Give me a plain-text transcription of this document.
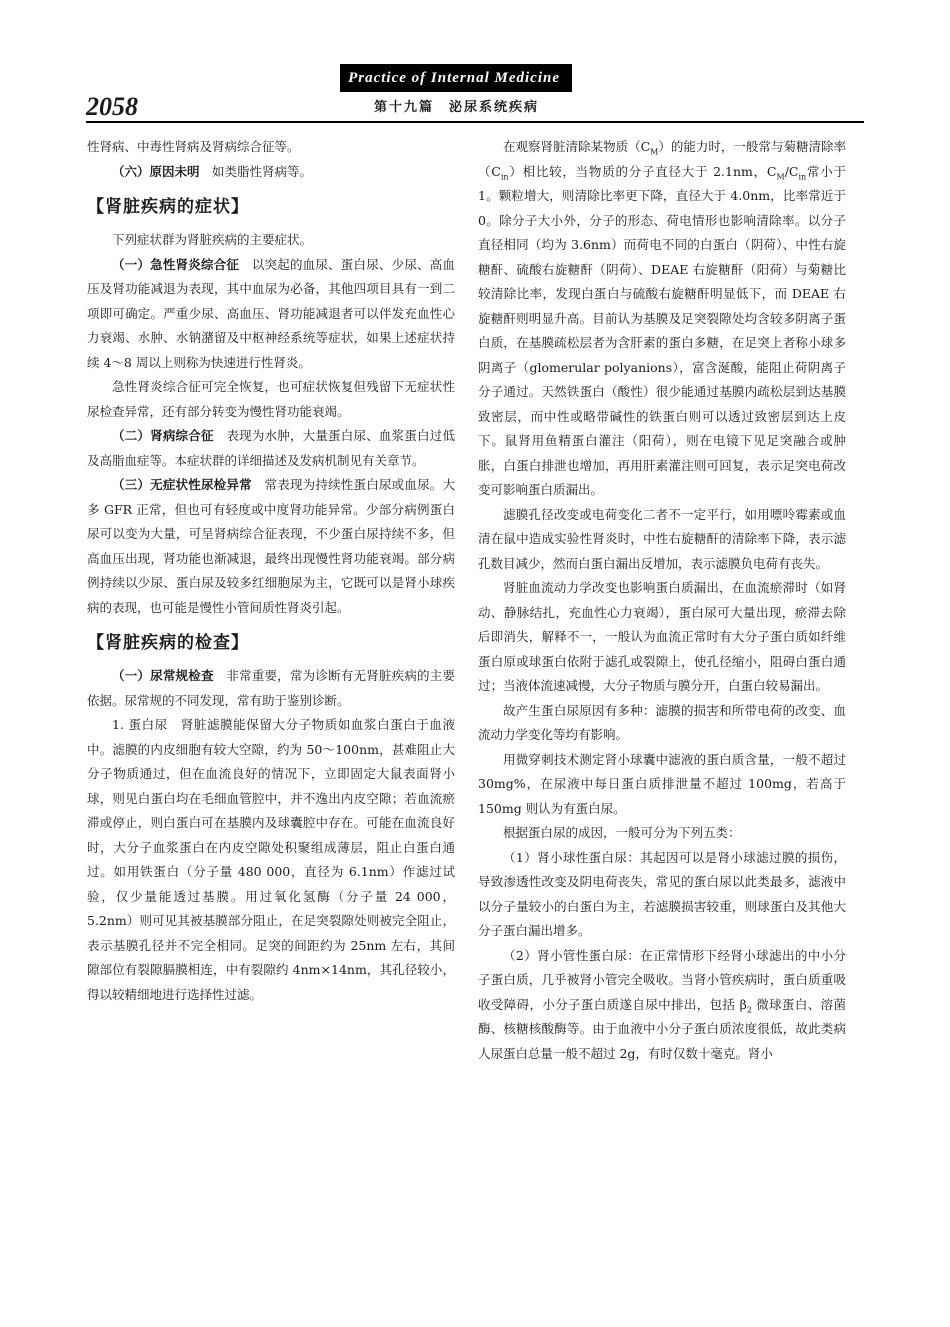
Practice of Internal Medicine
2058	第十九篇　泌尿系统疾病

性肾病、中毒性肾病及肾病综合征等。

（六）原因未明　如类脂性肾病等。

【肾脏疾病的症状】

下列症状群为肾脏疾病的主要症状。

（一）急性肾炎综合征　以突起的血尿、蛋白尿、少尿、高血压及肾功能减退为表现，其中血尿为必备，其他四项目具有一到二项即可确定。严重少尿、高血压、肾功能减退者可以伴发充血性心力衰竭、水肿、水钠潴留及中枢神经系统等症状，如果上述症状持续 4～8 周以上则称为快速进行性肾炎。

急性肾炎综合征可完全恢复，也可症状恢复但残留下无症状性尿检查异常，还有部分转变为慢性肾功能衰竭。

（二）肾病综合征　表现为水肿，大量蛋白尿、血浆蛋白过低及高脂血症等。本症状群的详细描述及发病机制见有关章节。

（三）无症状性尿检异常　常表现为持续性蛋白尿或血尿。大多 GFR 正常，但也可有轻度或中度肾功能异常。少部分病例蛋白尿可以变为大量，可呈肾病综合征表现，不少蛋白尿持续不多，但高血压出现，肾功能也渐减退，最终出现慢性肾功能衰竭。部分病例持续以少尿、蛋白尿及较多红细胞尿为主，它既可以是肾小球疾病的表现，也可能是慢性小管间质性肾炎引起。

【肾脏疾病的检查】

（一）尿常规检查　非常重要，常为诊断有无肾脏疾病的主要依据。尿常规的不同发现，常有助于鉴别诊断。

1. 蛋白尿　肾脏滤膜能保留大分子物质如血浆白蛋白于血液中。滤膜的内皮细胞有较大空隙，约为 50～100nm，甚难阻止大分子物质通过，但在血流良好的情况下，立即固定大鼠表面肾小球，则见白蛋白均在毛细血管腔中，并不逸出内皮空隙；若血流瘀滞或停止，则白蛋白可在基膜内及球囊腔中存在。可能在血流良好时，大分子血浆蛋白在内皮空隙处积聚组成薄层，阻止白蛋白通过。如用铁蛋白（分子量 480 000，直径为 6.1nm）作滤过试验，仅少量能透过基膜。用过氧化氢酶（分子量 24 000，5.2nm）则可见其被基膜部分阻止，在足突裂隙处则被完全阻止，表示基膜孔径并不完全相同。足突的间距约为 25nm 左右，其间隙部位有裂隙膈膜相连，中有裂隙约 4nm×14nm，其孔径较小，得以较精细地进行选择性过滤。

在观察肾脏清除某物质$(C_M)$的能力时，一般常与菊糖清除率$(C_{in})$相比较，当物质的分子直径大于 2.1nm，$C_M/C_{in}$常小于 1。颗粒增大，则清除比率更下降，直径大于 4.0nm，比率常近于 0。除分子大小外，分子的形态、荷电情形也影响清除率。以分子直径相同（均为 3.6nm）而荷电不同的白蛋白（阴荷）、中性右旋糖酐、硫酸右旋糖酐（阴荷）、DEAE 右旋糖酐（阳荷）与菊糖比较清除比率，发现白蛋白与硫酸右旋糖酐明显低下，而 DEAE 右旋糖酐则明显升高。目前认为基膜及足突裂隙处均含较多阴离子蛋白质，在基膜疏松层者为含肝素的蛋白多糖，在足突上者称小球多阴离子（glomerular polyanions），富含涎酸，能阻止荷阴离子分子通过。天然铁蛋白（酸性）很少能通过基膜内疏松层到达基膜致密层，而中性或略带碱性的铁蛋白则可以透过致密层到达上皮下。鼠肾用鱼精蛋白灌注（阳荷），则在电镜下见足突融合或肿胀，白蛋白排泄也增加，再用肝素灌注则可回复，表示足突电荷改变可影响蛋白质漏出。

滤膜孔径改变或电荷变化二者不一定平行，如用嘌呤霉素或血清在鼠中造成实验性肾炎时，中性右旋糖酐的清除率下降，表示滤孔数目减少，然而白蛋白漏出反增加，表示滤膜负电荷有丧失。

肾脏血流动力学改变也影响蛋白质漏出，在血流瘀滞时（如肾动、静脉结扎，充血性心力衰竭），蛋白尿可大量出现，瘀滞去除后即消失，解释不一，一般认为血流正常时有大分子蛋白质如纤维蛋白原或球蛋白依附于滤孔或裂隙上，使孔径缩小，阻碍白蛋白通过；当液体流速减慢，大分子物质与膜分开，白蛋白较易漏出。

故产生蛋白尿原因有多种：滤膜的损害和所带电荷的改变、血流动力学变化等均有影响。

用微穿刺技术测定肾小球囊中滤液的蛋白质含量，一般不超过 30mg%，在尿液中每日蛋白质排泄量不超过 100mg，若高于 150mg 则认为有蛋白尿。

根据蛋白尿的成因，一般可分为下列五类：

（1）肾小球性蛋白尿：其起因可以是肾小球滤过膜的损伤，导致渗透性改变及阴电荷丧失，常见的蛋白尿以此类最多，滤液中以分子量较小的白蛋白为主，若滤膜损害较重，则球蛋白及其他大分子蛋白漏出增多。

（2）肾小管性蛋白尿：在正常情形下经肾小球滤出的中小分子蛋白质，几乎被肾小管完全吸收。当肾小管疾病时，蛋白质重吸收受障碍，小分子蛋白质遂自尿中排出，包括 $\beta_2$ 微球蛋白、溶菌酶、核糖核酸酶等。由于血液中小分子蛋白质浓度很低，故此类病人尿蛋白总量一般不超过 2g，有时仅数十毫克。肾小
